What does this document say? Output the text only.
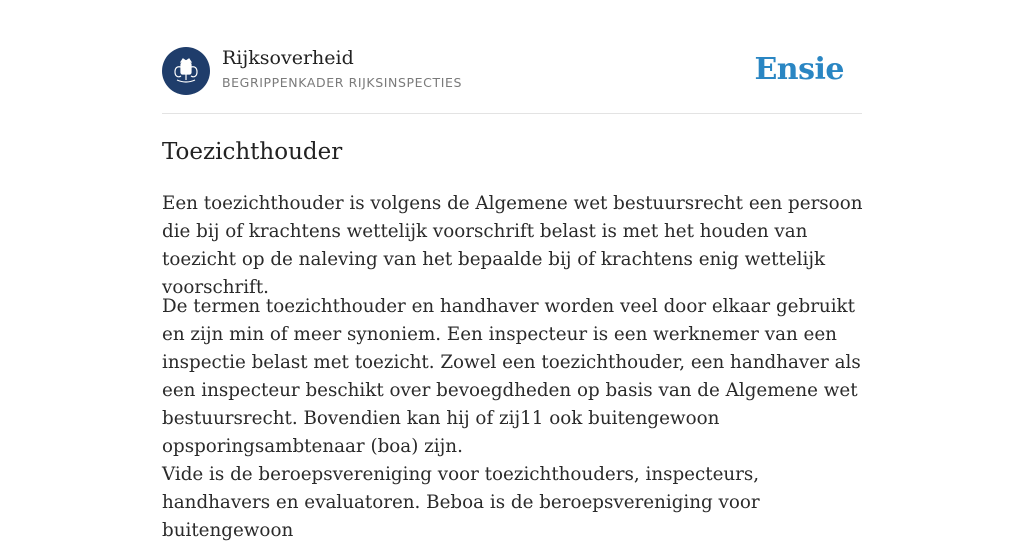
Rijksoverheid
BEGRIPPENKADER RIJKSINSPECTIES	Ensie
Toezichthouder

Een toezichthouder is volgens de Algemene wet bestuursrecht een persoon die bij of krachtens wettelijk voorschrift belast is met het houden van toezicht op de naleving van het bepaalde bij of krachtens enig wettelijk voorschrift.

De termen toezichthouder en handhaver worden veel door elkaar gebruikt en zijn min of meer synoniem. Een inspecteur is een werknemer van een inspectie belast met toezicht. Zowel een toezichthouder, een handhaver als een inspecteur beschikt over bevoegdheden op basis van de Algemene wet bestuursrecht. Bovendien kan hij of zij11 ook buitengewoon opsporingsambtenaar (boa) zijn.

Vide is de beroepsvereniging voor toezichthouders, inspecteurs, handhavers en evaluatoren. Beboa is de beroepsvereniging voor buitengewoon
